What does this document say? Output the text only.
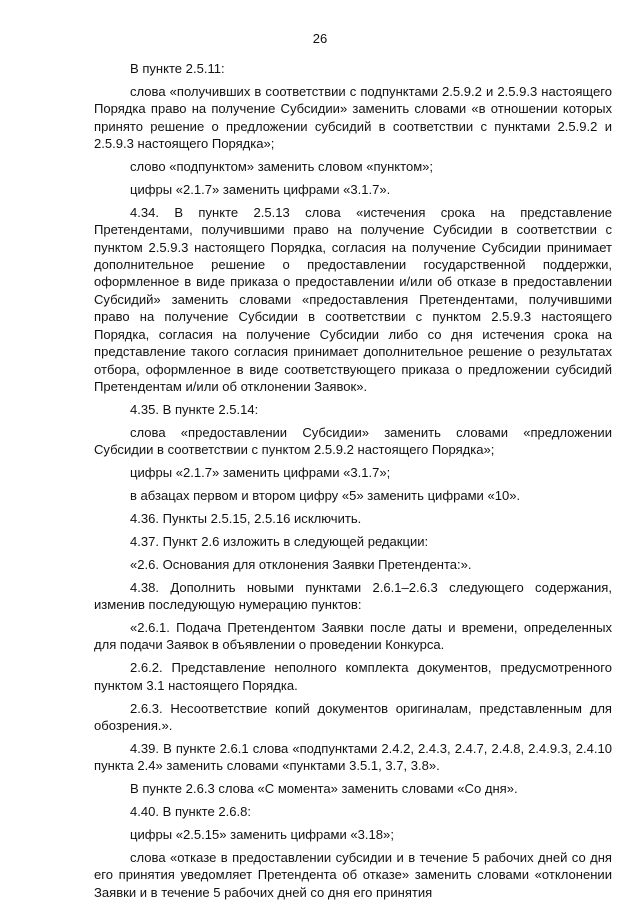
26

В пункте 2.5.11:

слова «получивших в соответствии с подпунктами 2.5.9.2 и 2.5.9.3 настоящего Порядка право на получение Субсидии» заменить словами «в отношении которых принято решение о предложении субсидий в соответствии с пунктами 2.5.9.2 и 2.5.9.3 настоящего Порядка»;

слово «подпунктом» заменить словом «пунктом»;

цифры «2.1.7» заменить цифрами «3.1.7».

4.34. В пункте 2.5.13 слова «истечения срока на представление Претендентами, получившими право на получение Субсидии в соответствии с пунктом 2.5.9.3 настоящего Порядка, согласия на получение Субсидии принимает дополнительное решение о предоставлении государственной поддержки, оформленное в виде приказа о предоставлении и/или об отказе в предоставлении Субсидий» заменить словами «предоставления Претендентами, получившими право на получение Субсидии в соответствии с пунктом 2.5.9.3 настоящего Порядка, согласия на получение Субсидии либо со дня истечения срока на представление такого согласия принимает дополнительное решение о результатах отбора, оформленное в виде соответствующего приказа о предложении субсидий Претендентам и/или об отклонении Заявок».

4.35. В пункте 2.5.14:

слова «предоставлении Субсидии» заменить словами «предложении Субсидии в соответствии с пунктом 2.5.9.2 настоящего Порядка»;

цифры «2.1.7» заменить цифрами «3.1.7»;

в абзацах первом и втором цифру «5» заменить цифрами «10».

4.36. Пункты 2.5.15, 2.5.16 исключить.

4.37. Пункт 2.6 изложить в следующей редакции:

«2.6. Основания для отклонения Заявки Претендента:».

4.38. Дополнить новыми пунктами 2.6.1–2.6.3 следующего содержания, изменив последующую нумерацию пунктов:

«2.6.1. Подача Претендентом Заявки после даты и времени, определенных для подачи Заявок в объявлении о проведении Конкурса.

2.6.2. Представление неполного комплекта документов, предусмотренного пунктом 3.1 настоящего Порядка.

2.6.3. Несоответствие копий документов оригиналам, представленным для обозрения.».

4.39. В пункте 2.6.1 слова «подпунктами 2.4.2, 2.4.3, 2.4.7, 2.4.8, 2.4.9.3, 2.4.10 пункта 2.4» заменить словами «пунктами 3.5.1, 3.7, 3.8».

В пункте 2.6.3 слова «С момента» заменить словами «Со дня».

4.40. В пункте 2.6.8:

цифры «2.5.15» заменить цифрами «3.18»;

слова «отказе в предоставлении субсидии и в течение 5 рабочих дней со дня его принятия уведомляет Претендента об отказе» заменить словами «отклонении Заявки и в течение 5 рабочих дней со дня его принятия
